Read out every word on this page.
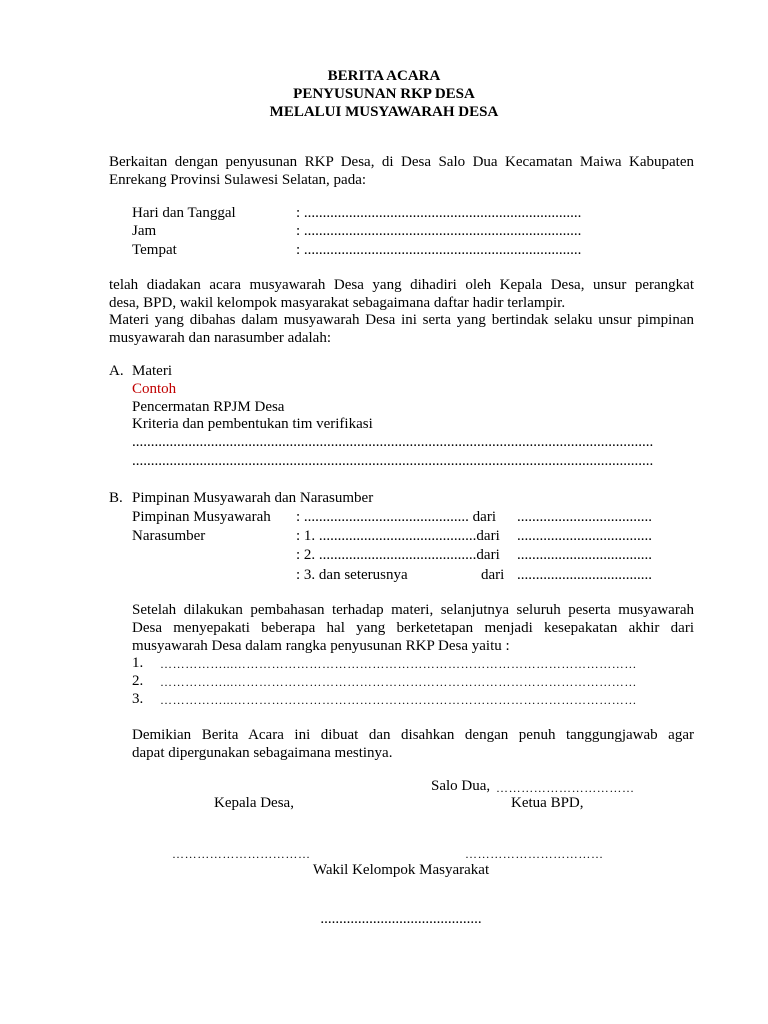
BERITA ACARA
PENYUSUNAN RKP DESA
MELALUI MUSYAWARAH DESA
Berkaitan dengan penyusunan RKP Desa, di Desa Salo Dua Kecamatan Maiwa Kabupaten
Enrekang Provinsi Sulawesi Selatan, pada:
Hari dan Tanggal	: ..........................................................................
Jam	: ..........................................................................
Tempat	: ..........................................................................
telah diadakan acara musyawarah Desa yang dihadiri oleh Kepala Desa, unsur perangkat
desa, BPD, wakil kelompok masyarakat sebagaimana daftar hadir terlampir.
Materi yang dibahas dalam musyawarah Desa ini serta yang bertindak selaku unsur pimpinan
musyawarah dan narasumber adalah:
A. Materi
Contoh
Pencermatan RPJM Desa
Kriteria dan pembentukan tim verifikasi
...........................................................................................................................................
...........................................................................................................................................
B. Pimpinan Musyawarah dan Narasumber
Pimpinan Musyawarah : ............................................ dari ....................................
Narasumber	: 1. ..........................................dari ....................................
: 2. ..........................................dari ....................................
: 3. dan seterusnya	dari ....................................
Setelah dilakukan pembahasan terhadap materi, selanjutnya seluruh peserta musyawarah
Desa menyepakati beberapa hal yang berketetapan menjadi kesepakatan akhir dari
musyawarah Desa dalam rangka penyusunan RKP Desa yaitu :
1. ……………...……………………………………………………………………………………
2. ……………...……………………………………………………………………………………
3. ……………...……………………………………………………………………………………
Demikian Berita Acara ini dibuat dan disahkan dengan penuh tanggungjawab agar
dapat dipergunakan sebagaimana mestinya.
Salo Dua, ……………………………
Kepala Desa,	Ketua BPD,
……………………………	……………………………
Wakil Kelompok Masyarakat
...........................................
